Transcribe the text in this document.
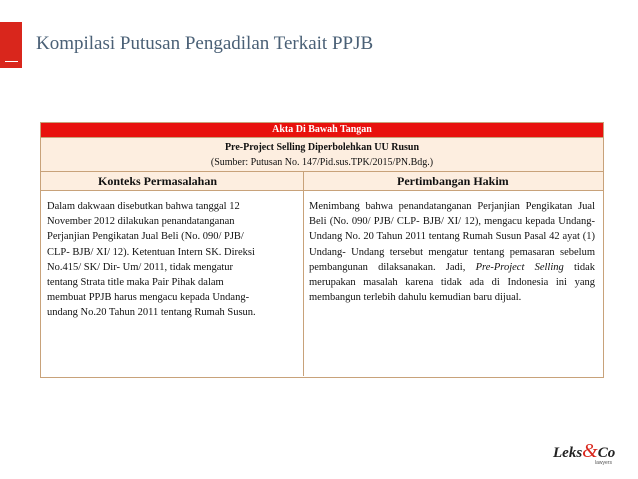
Kompilasi Putusan Pengadilan Terkait PPJB
Akta Di Bawah Tangan
Pre-Project Selling Diperbolehkan UU Rusun
(Sumber: Putusan No. 147/Pid.sus.TPK/2015/PN.Bdg.)
Konteks Permasalahan
Dalam dakwaan disebutkan bahwa tanggal 12
November 2012 dilakukan penandatanganan
Perjanjian Pengikatan Jual Beli (No. 090/ PJB/
CLP- BJB/ XI/ 12). Ketentuan Intern SK. Direksi
No.415/ SK/ Dir- Um/ 2011, tidak mengatur
tentang Strata title maka Pair Pihak dalam
membuat PPJB harus mengacu kepada Undang-
undang No.20 Tahun 2011 tentang Rumah Susun.
Pertimbangan Hakim
Menimbang bahwa penandatanganan Perjanjian Pengikatan Jual Beli (No. 090/ PJB/ CLP- BJB/ XI/ 12), mengacu kepada Undang-Undang No. 20 Tahun 2011 tentang Rumah Susun Pasal 42 ayat (1) Undang- Undang tersebut mengatur tentang pemasaran sebelum pembangunan dilaksanakan. Jadi, Pre-Project Selling tidak merupakan masalah karena tidak ada di Indonesia ini yang membangun terlebih dahulu kemudian baru dijual.
Leks&Co
lawyers
